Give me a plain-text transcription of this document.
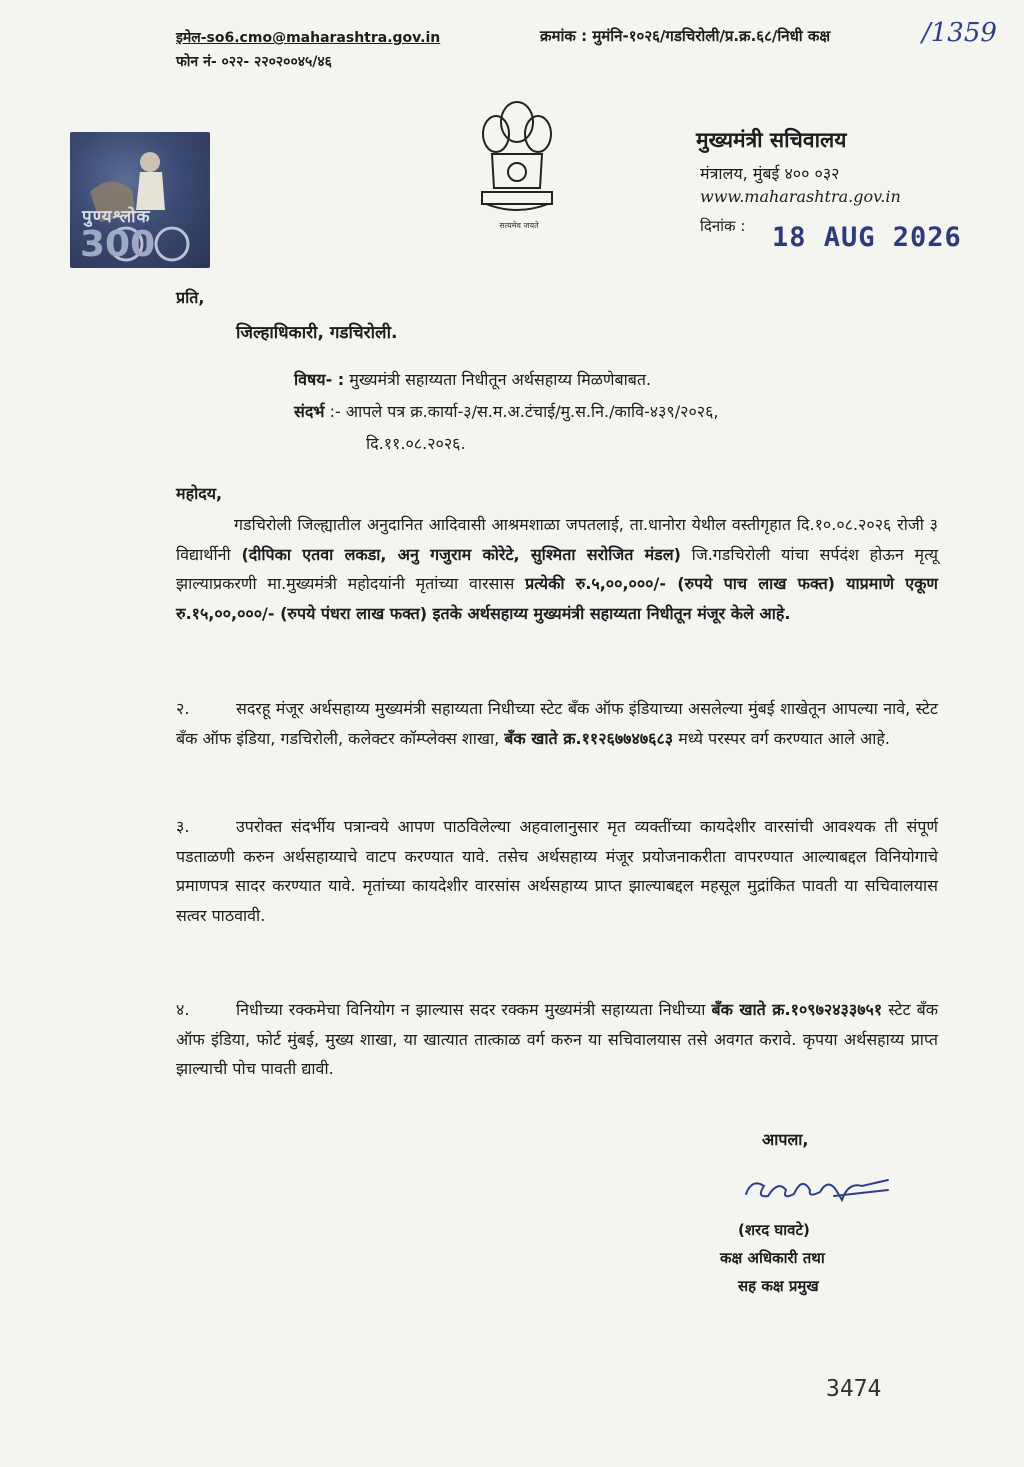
इमेल-so6.cmo@maharashtra.gov.in
फोन नं- ०२२- २२०२००४५/४६
क्रमांक : मुमंनि-१०२६/गडचिरोली/प्र.क्र.६८/निधी कक्ष	/1359
पुण्यश्लोक
300	सत्यमेव जयते
मुख्यमंत्री सचिवालय
मंत्रालय, मुंबई ४०० ०३२
www.maharashtra.gov.in
दिनांक : 18 AUG 2026
प्रति,
जिल्हाधिकारी, गडचिरोली.
विषय- : मुख्यमंत्री सहाय्यता निधीतून अर्थसहाय्य मिळणेबाबत.
संदर्भ :- आपले पत्र क्र.कार्या-३/स.म.अ.टंचाई/मु.स.नि./कावि-४३९/२०२६,
दि.११.०८.२०२६.
महोदय,
गडचिरोली जिल्ह्यातील अनुदानित आदिवासी आश्रमशाळा जपतलाई, ता.धानोरा येथील वस्तीगृहात दि.१०.०८.२०२६ रोजी ३ विद्यार्थीनी (दीपिका एतवा लकडा, अनु गजुराम कोरेटे, सुश्मिता सरोजित मंडल) जि.गडचिरोली यांचा सर्पदंश होऊन मृत्यू झाल्याप्रकरणी मा.मुख्यमंत्री महोदयांनी मृतांच्या वारसास प्रत्येकी रु.५,००,०००/- (रुपये पाच लाख फक्त) याप्रमाणे एकूण रु.१५,००,०००/- (रुपये पंधरा लाख फक्त) इतके अर्थसहाय्य मुख्यमंत्री सहाय्यता निधीतून मंजूर केले आहे.
२.	सदरहू मंजूर अर्थसहाय्य मुख्यमंत्री सहाय्यता निधीच्या स्टेट बँक ऑफ इंडियाच्या असलेल्या मुंबई शाखेतून आपल्या नावे, स्टेट बँक ऑफ इंडिया, गडचिरोली, कलेक्टर कॉम्प्लेक्स शाखा, बँक खाते क्र.११२६७७४७६८३ मध्ये परस्पर वर्ग करण्यात आले आहे.
३.	उपरोक्त संदर्भीय पत्रान्वये आपण पाठविलेल्या अहवालानुसार मृत व्यक्तींच्या कायदेशीर वारसांची आवश्यक ती संपूर्ण पडताळणी करुन अर्थसहाय्याचे वाटप करण्यात यावे. तसेच अर्थसहाय्य मंजूर प्रयोजनाकरीता वापरण्यात आल्याबद्दल विनियोगाचे प्रमाणपत्र सादर करण्यात यावे. मृतांच्या कायदेशीर वारसांस अर्थसहाय्य प्राप्त झाल्याबद्दल महसूल मुद्रांकित पावती या सचिवालयास सत्वर पाठवावी.
४.	निधीच्या रक्कमेचा विनियोग न झाल्यास सदर रक्कम मुख्यमंत्री सहाय्यता निधीच्या बँक खाते क्र.१०९७२४३३७५१ स्टेट बँक ऑफ इंडिया, फोर्ट मुंबई, मुख्य शाखा, या खात्यात तात्काळ वर्ग करुन या सचिवालयास तसे अवगत करावे. कृपया अर्थसहाय्य प्राप्त झाल्याची पोच पावती द्यावी.
आपला,
(शरद घावटे)
कक्ष अधिकारी तथा
सह कक्ष प्रमुख
3474
